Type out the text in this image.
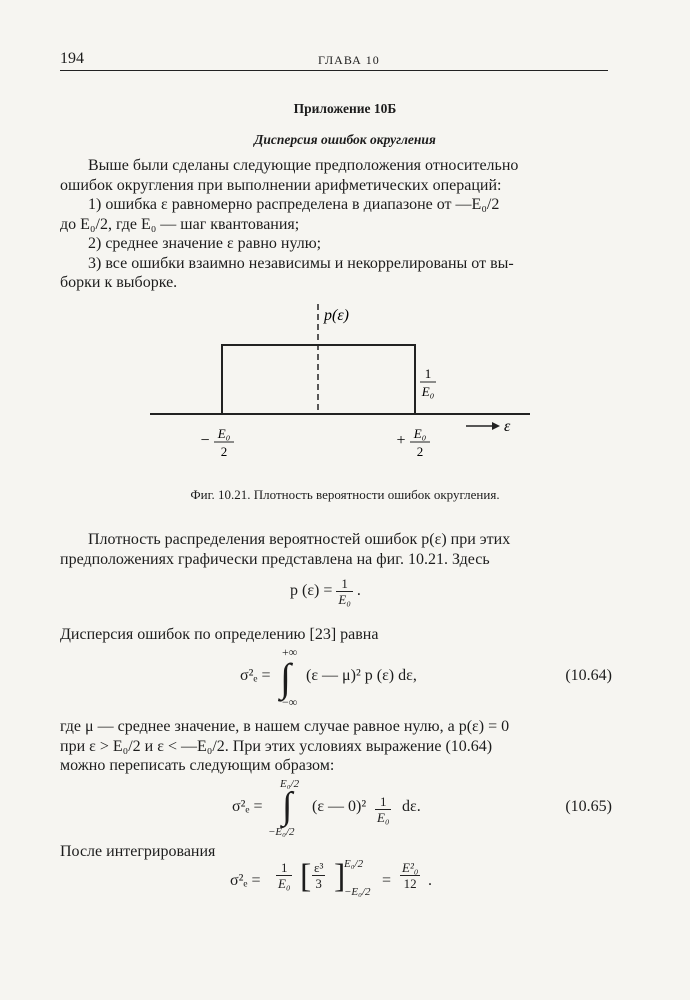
194	ГЛАВА 10
Приложение 10Б
Дисперсия ошибок округления
Выше были сделаны следующие предположения относительно
ошибок округления при выполнении арифметических операций:
1) ошибка ε равномерно распределена в диапазоне от —E₀/2
до E₀/2, где E₀ — шаг квантования;
2) среднее значение ε равно нулю;
3) все ошибки взаимно независимы и некоррелированы от вы-
борки к выборке.
p(ε)
1
E₀
− E₀
2
+ E₀
2
ε
Фиг. 10.21. Плотность вероятности ошибок округления.
Плотность распределения вероятностей ошибок p(ε) при этих
предположениях графически представлена на фиг. 10.21. Здесь
p $(\varepsilon) = \frac{1}{\text{E₀}}$ .
Дисперсия ошибок по определению [23] равна
σ²ₑ =
+∞
∫
−∞
(ε — μ)² p (ε) dε,	(10.64)
где μ — среднее значение, в нашем случае равное нулю, а p(ε) = 0
при ε > E₀/2 и ε < —E₀/2. При этих условиях выражение (10.64)
можно переписать следующим образом:
σ²ₑ =
E₀/2
∫
−E₀/2
(ε — $0)^2 \frac{1}{\text{E₀}} d\varepsilon$.	(10.65)
После интегрирования
$\sigma^2_e = \frac{1}{\text{E₀}}$ [ $\frac{\text{ε³}}{3}$ ]
E₀/2
−E₀/2
= $\frac{\text{E²₀}}{12}$ .
